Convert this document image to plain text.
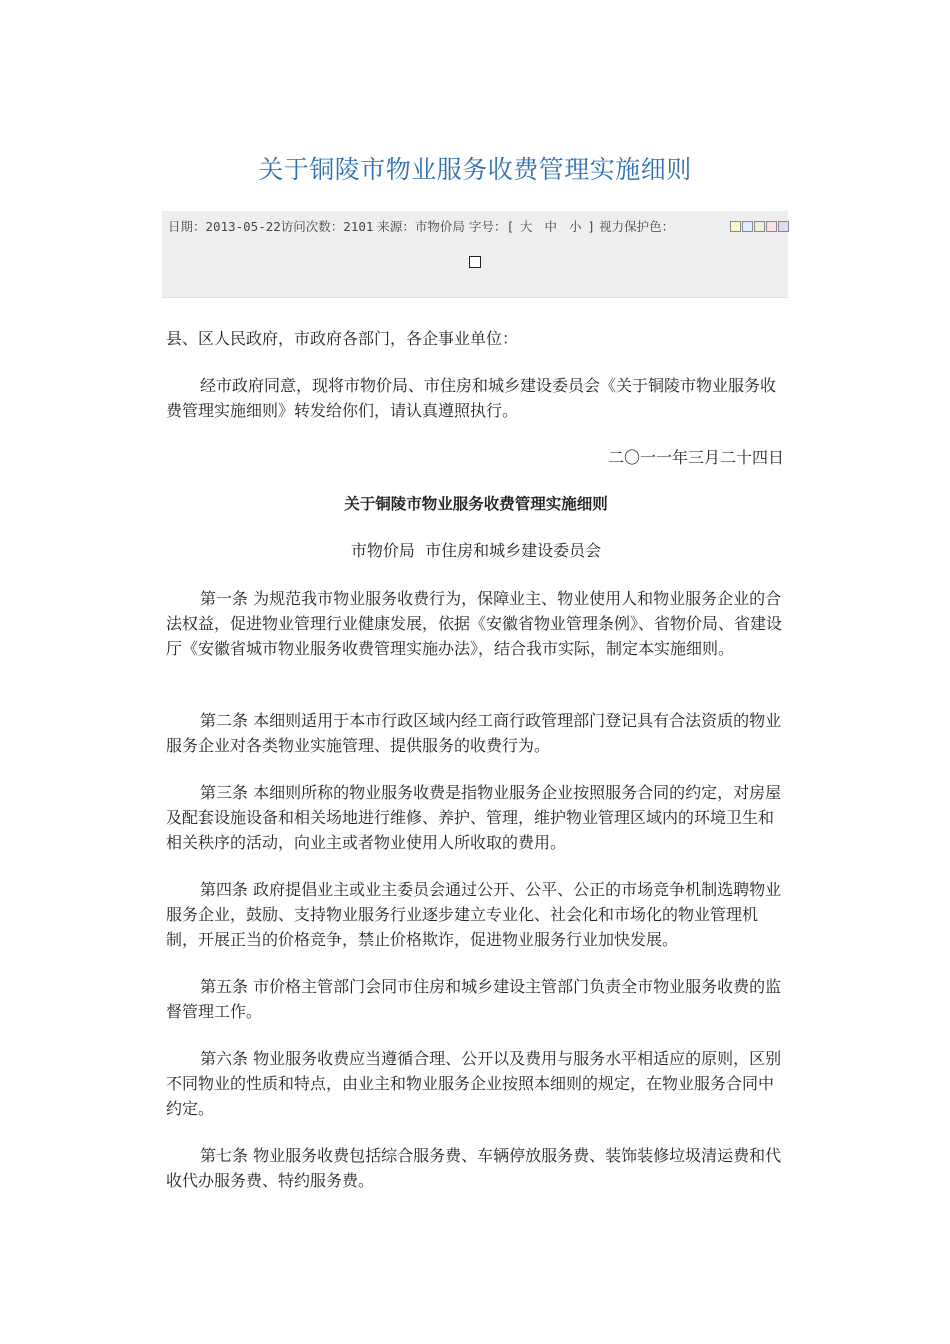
关于铜陵市物业服务收费管理实施细则
日期：2013-05-22访问次数：2101 来源：市物价局 字号：[ 大 中 小 ] 视力保护色：

县、区人民政府，市政府各部门，各企事业单位：

经市政府同意，现将市物价局、市住房和城乡建设委员会《关于铜陵市物业服务收费管理实施细则》转发给你们，请认真遵照执行。

二〇一一年三月二十四日

关于铜陵市物业服务收费管理实施细则

市物价局  市住房和城乡建设委员会

第一条 为规范我市物业服务收费行为，保障业主、物业使用人和物业服务企业的合法权益，促进物业管理行业健康发展，依据《安徽省物业管理条例》、省物价局、省建设厅《安徽省城市物业服务收费管理实施办法》，结合我市实际，制定本实施细则。

第二条 本细则适用于本市行政区域内经工商行政管理部门登记具有合法资质的物业服务企业对各类物业实施管理、提供服务的收费行为。

第三条 本细则所称的物业服务收费是指物业服务企业按照服务合同的约定，对房屋及配套设施设备和相关场地进行维修、养护、管理，维护物业管理区域内的环境卫生和相关秩序的活动，向业主或者物业使用人所收取的费用。

第四条 政府提倡业主或业主委员会通过公开、公平、公正的市场竞争机制选聘物业服务企业，鼓励、支持物业服务行业逐步建立专业化、社会化和市场化的物业管理机制，开展正当的价格竞争，禁止价格欺诈，促进物业服务行业加快发展。

第五条 市价格主管部门会同市住房和城乡建设主管部门负责全市物业服务收费的监督管理工作。

第六条 物业服务收费应当遵循合理、公开以及费用与服务水平相适应的原则，区别不同物业的性质和特点，由业主和物业服务企业按照本细则的规定，在物业服务合同中约定。

第七条 物业服务收费包括综合服务费、车辆停放服务费、装饰装修垃圾清运费和代收代办服务费、特约服务费。
